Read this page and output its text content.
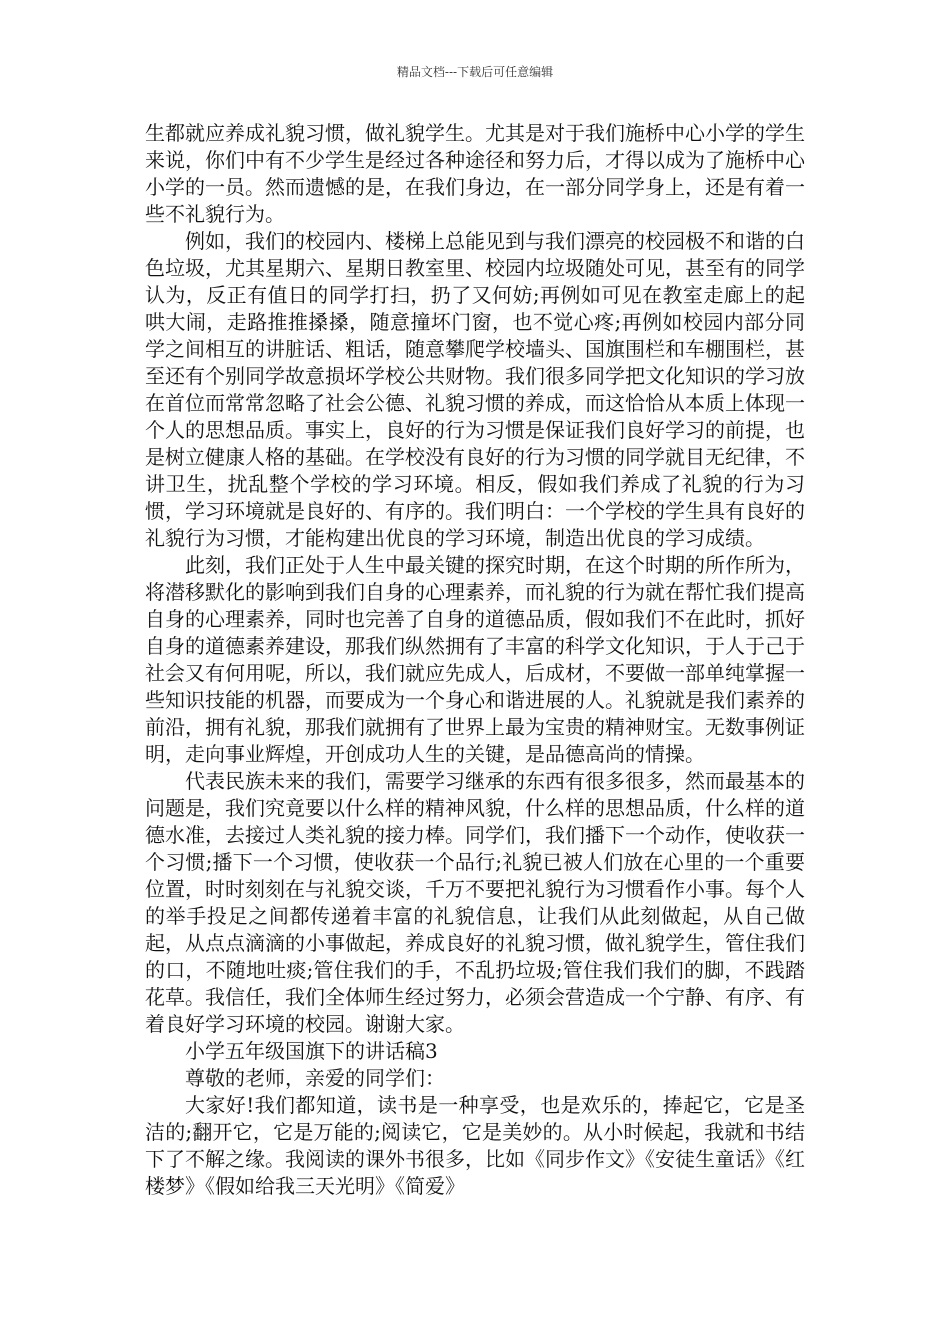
精品文档---下载后可任意编辑

生都就应养成礼貌习惯，做礼貌学生。尤其是对于我们施桥中心小学的学生来说，你们中有不少学生是经过各种途径和努力后，才得以成为了施桥中心小学的一员。然而遗憾的是，在我们身边，在一部分同学身上，还是有着一些不礼貌行为。

例如，我们的校园内、楼梯上总能见到与我们漂亮的校园极不和谐的白色垃圾，尤其星期六、星期日教室里、校园内垃圾随处可见，甚至有的同学认为，反正有值日的同学打扫，扔了又何妨;再例如可见在教室走廊上的起哄大闹，走路推推搡搡，随意撞坏门窗，也不觉心疼;再例如校园内部分同学之间相互的讲脏话、粗话，随意攀爬学校墙头、国旗围栏和车棚围栏，甚至还有个别同学故意损坏学校公共财物。我们很多同学把文化知识的学习放在首位而常常忽略了社会公德、礼貌习惯的养成，而这恰恰从本质上体现一个人的思想品质。事实上，良好的行为习惯是保证我们良好学习的前提，也是树立健康人格的基础。在学校没有良好的行为习惯的同学就目无纪律，不讲卫生，扰乱整个学校的学习环境。相反，假如我们养成了礼貌的行为习惯，学习环境就是良好的、有序的。我们明白：一个学校的学生具有良好的礼貌行为习惯，才能构建出优良的学习环境，制造出优良的学习成绩。

此刻，我们正处于人生中最关键的探究时期，在这个时期的所作所为，将潜移默化的影响到我们自身的心理素养，而礼貌的行为就在帮忙我们提高自身的心理素养，同时也完善了自身的道德品质，假如我们不在此时，抓好自身的道德素养建设，那我们纵然拥有了丰富的科学文化知识，于人于己于社会又有何用呢，所以，我们就应先成人，后成材，不要做一部单纯掌握一些知识技能的机器，而要成为一个身心和谐进展的人。礼貌就是我们素养的前沿，拥有礼貌，那我们就拥有了世界上最为宝贵的精神财宝。无数事例证明，走向事业辉煌，开创成功人生的关键，是品德高尚的情操。

代表民族未来的我们，需要学习继承的东西有很多很多，然而最基本的问题是，我们究竟要以什么样的精神风貌，什么样的思想品质，什么样的道德水准，去接过人类礼貌的接力棒。同学们，我们播下一个动作，使收获一个习惯;播下一个习惯，使收获一个品行;礼貌已被人们放在心里的一个重要位置，时时刻刻在与礼貌交谈，千万不要把礼貌行为习惯看作小事。每个人的举手投足之间都传递着丰富的礼貌信息，让我们从此刻做起，从自己做起，从点点滴滴的小事做起，养成良好的礼貌习惯，做礼貌学生，管住我们的口，不随地吐痰;管住我们的手，不乱扔垃圾;管住我们我们的脚，不践踏花草。我信任，我们全体师生经过努力，必须会营造成一个宁静、有序、有着良好学习环境的校园。谢谢大家。

小学五年级国旗下的讲话稿3

尊敬的老师，亲爱的同学们：

大家好!我们都知道，读书是一种享受，也是欢乐的，捧起它，它是圣洁的;翻开它，它是万能的;阅读它，它是美妙的。从小时候起，我就和书结下了不解之缘。我阅读的课外书很多，比如《同步作文》《安徒生童话》《红楼梦》《假如给我三天光明》《简爱》
